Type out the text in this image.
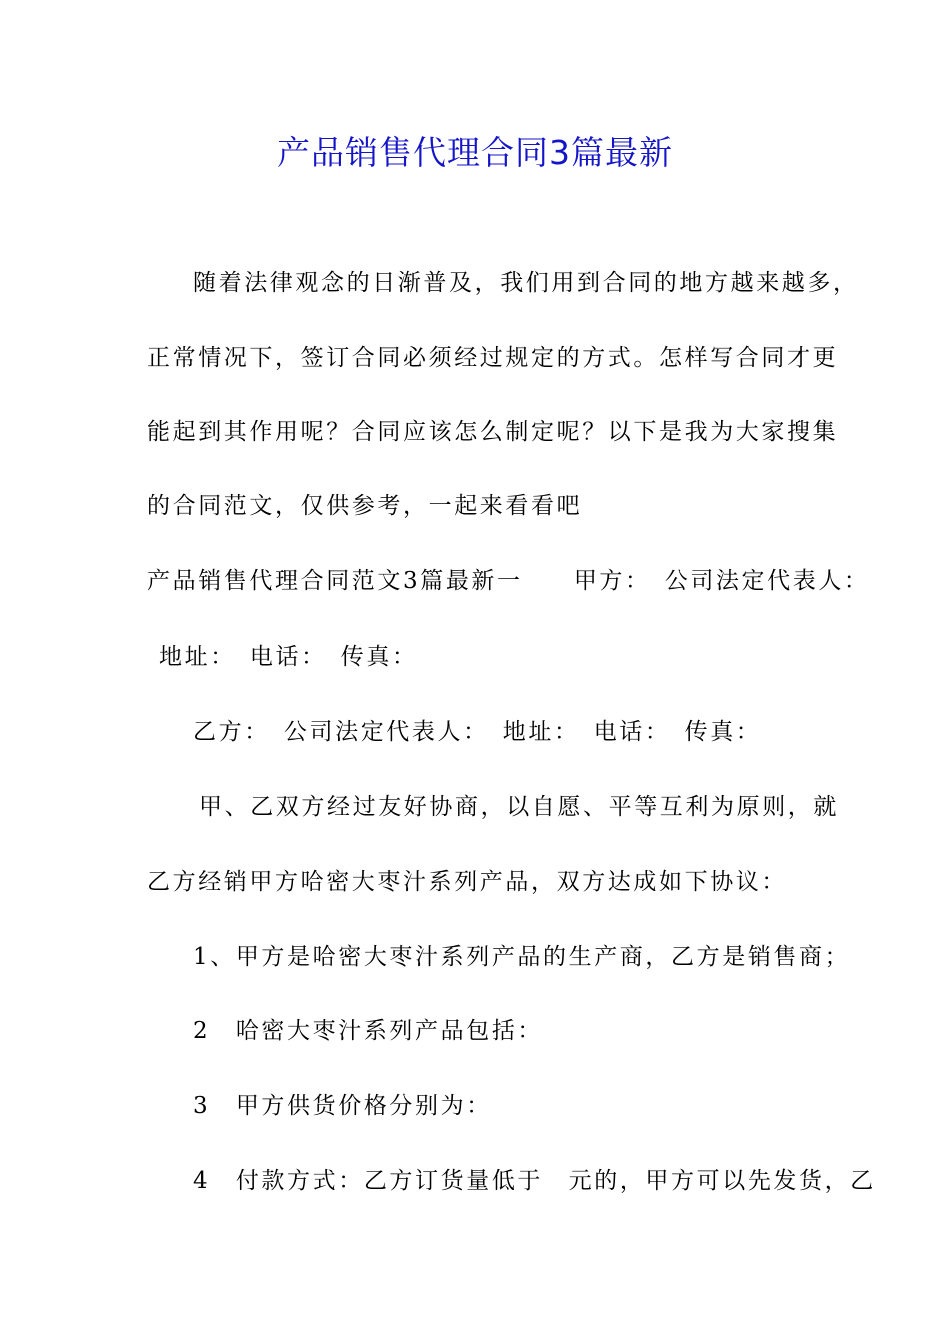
产品销售代理合同3篇最新
随着法律观念的日渐普及，我们用到合同的地方越来越多，
正常情况下，签订合同必须经过规定的方式。怎样写合同才更
能起到其作用呢？合同应该怎么制定呢？以下是我为大家搜集
的合同范文，仅供参考，一起来看看吧
产品销售代理合同范文3篇最新一　　甲方：　公司法定代表人：
地址：　电话：　传真：
乙方：　公司法定代表人：　地址：　电话：　传真：
甲、乙双方经过友好协商，以自愿、平等互利为原则，就
乙方经销甲方哈密大枣汁系列产品，双方达成如下协议：
1、甲方是哈密大枣汁系列产品的生产商，乙方是销售商；
2　哈密大枣汁系列产品包括：
3　甲方供货价格分别为：
4　付款方式：乙方订货量低于　元的，甲方可以先发货，乙
